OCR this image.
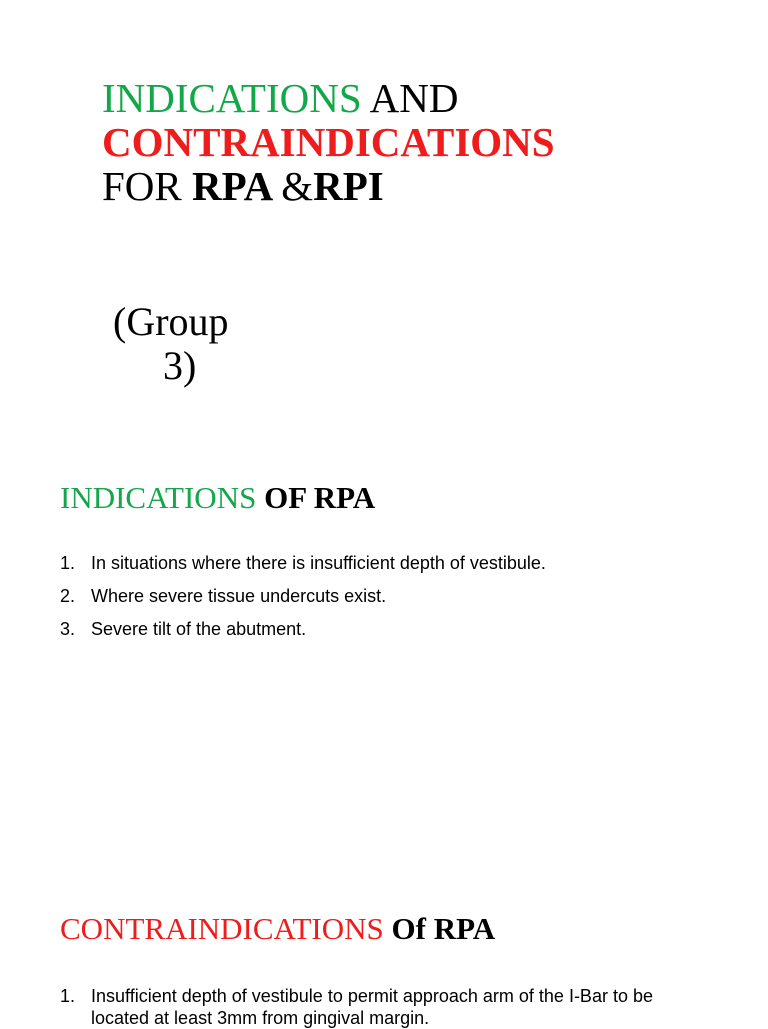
INDICATIONS AND
CONTRAINDICATIONS
FOR RPA &RPI
(Group
3)
INDICATIONS OF RPA
1. In situations where there is insufficient depth of vestibule.
2. Where severe tissue undercuts exist.
3. Severe tilt of the abutment.
CONTRAINDICATIONS Of RPA
1. Insufficient depth of vestibule to permit approach arm of the I-Bar to be located at least 3mm from gingival margin.
